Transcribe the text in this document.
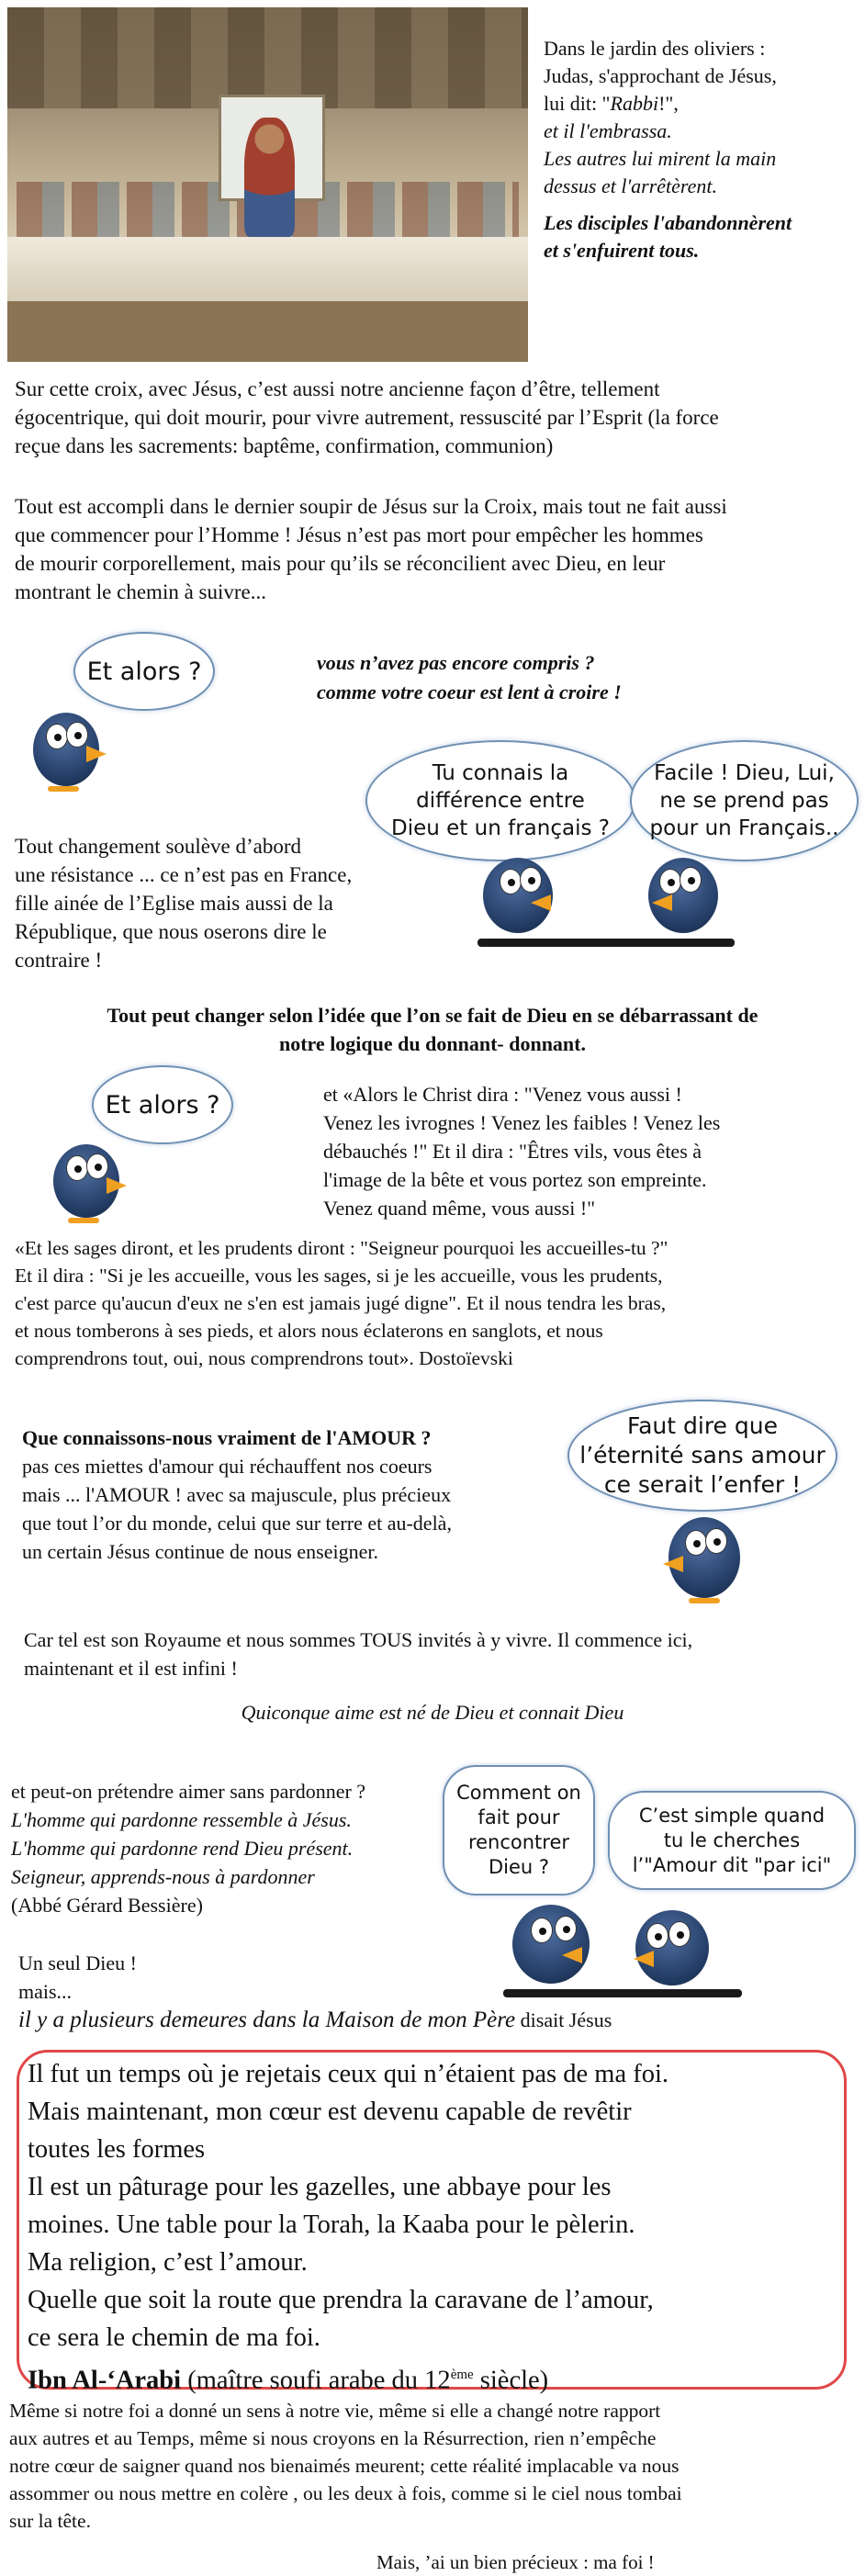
Dans le jardin des oliviers :

Judas, s'approchant de Jésus,

lui dit: "Rabbi!",

et il l'embrassa.

Les autres lui mirent la main

dessus et l'arrêtèrent.

Les disciples l'abandonnèrent

et s'enfuirent tous.

Sur cette croix, avec Jésus, c’est aussi notre ancienne façon d’être, tellement

égocentrique, qui doit mourir, pour vivre autrement, ressuscité par l’Esprit (la force

reçue dans les sacrements: baptême, confirmation, communion)

Tout est accompli dans le dernier soupir de Jésus sur la Croix, mais tout ne fait aussi

que commencer pour l’Homme ! Jésus n’est pas mort pour empêcher les hommes

de mourir corporellement, mais pour qu’ils se réconcilient avec Dieu, en leur

montrant le chemin à suivre...

Et alors ?	vous n’avez pas encore compris ?

comme votre coeur est lent à croire !

Tu connais la

différence entre

Dieu et un français ?

Facile ! Dieu, Lui,

ne se prend pas

pour un Français..

Tout changement soulève d’abord

une résistance ... ce n’est pas en France,

fille ainée de l’Eglise mais aussi de la

République, que nous oserons dire le

contraire !

Tout peut changer selon l’idée que l’on se fait de Dieu en se débarrassant de

notre logique du donnant- donnant.

Et alors ?	et «Alors le Christ dira : "Venez vous aussi !

Venez les ivrognes ! Venez les faibles ! Venez les

débauchés !" Et il dira : "Êtres vils, vous êtes à

l'image de la bête et vous portez son empreinte.

Venez quand même, vous aussi !"

«Et les sages diront, et les prudents diront : "Seigneur pourquoi les accueilles-tu ?"

Et il dira : "Si je les accueille, vous les sages, si je les accueille, vous les prudents,

c'est parce qu'aucun d'eux ne s'en est jamais jugé digne". Et il nous tendra les bras,

et nous tomberons à ses pieds, et alors nous éclaterons en sanglots, et nous

comprendrons tout, oui, nous comprendrons tout». Dostoïevski

Que connaissons-nous vraiment de l'AMOUR ?

pas ces miettes d'amour qui réchauffent nos coeurs

mais ... l'AMOUR ! avec sa majuscule, plus précieux

que tout l’or du monde, celui que sur terre et au-delà,

un certain Jésus continue de nous enseigner.

Faut dire que

l’éternité sans amour

ce serait l’enfer !

Car tel est son Royaume et nous sommes TOUS invités à y vivre. Il commence ici,

maintenant et il est infini !

Quiconque aime est né de Dieu et connait Dieu

et peut-on prétendre aimer sans pardonner ?

L'homme qui pardonne ressemble à Jésus.

L'homme qui pardonne rend Dieu présent.

Seigneur, apprends-nous à pardonner

(Abbé Gérard Bessière)

Comment on

fait pour

rencontrer

Dieu ?

C’est simple quand

tu le cherches

l’"Amour dit "par ici"

Un seul Dieu !

mais...

il y a plusieurs demeures dans la Maison de mon Père disait Jésus

Il fut un temps où je rejetais ceux qui n’étaient pas de ma foi.

Mais maintenant, mon cœur est devenu capable de revêtir

toutes les formes

Il est un pâturage pour les gazelles, une abbaye pour les

moines. Une table pour la Torah, la Kaaba pour le pèlerin.

Ma religion, c’est l’amour.

Quelle que soit la route que prendra la caravane de l’amour,

ce sera le chemin de ma foi.

Ibn Al-‘Arabi (maître soufi arabe du 12ème siècle)

Même si notre foi a donné un sens à notre vie, même si elle a changé notre rapport

aux autres et au Temps, même si nous croyons en la Résurrection, rien n’empêche

notre cœur de saigner quand nos bienaimés meurent; cette réalité implacable va nous

assommer ou nous mettre en colère , ou les deux à fois, comme si le ciel nous tombai

sur la tête.

Mais, ’ai un bien précieux : ma foi !
